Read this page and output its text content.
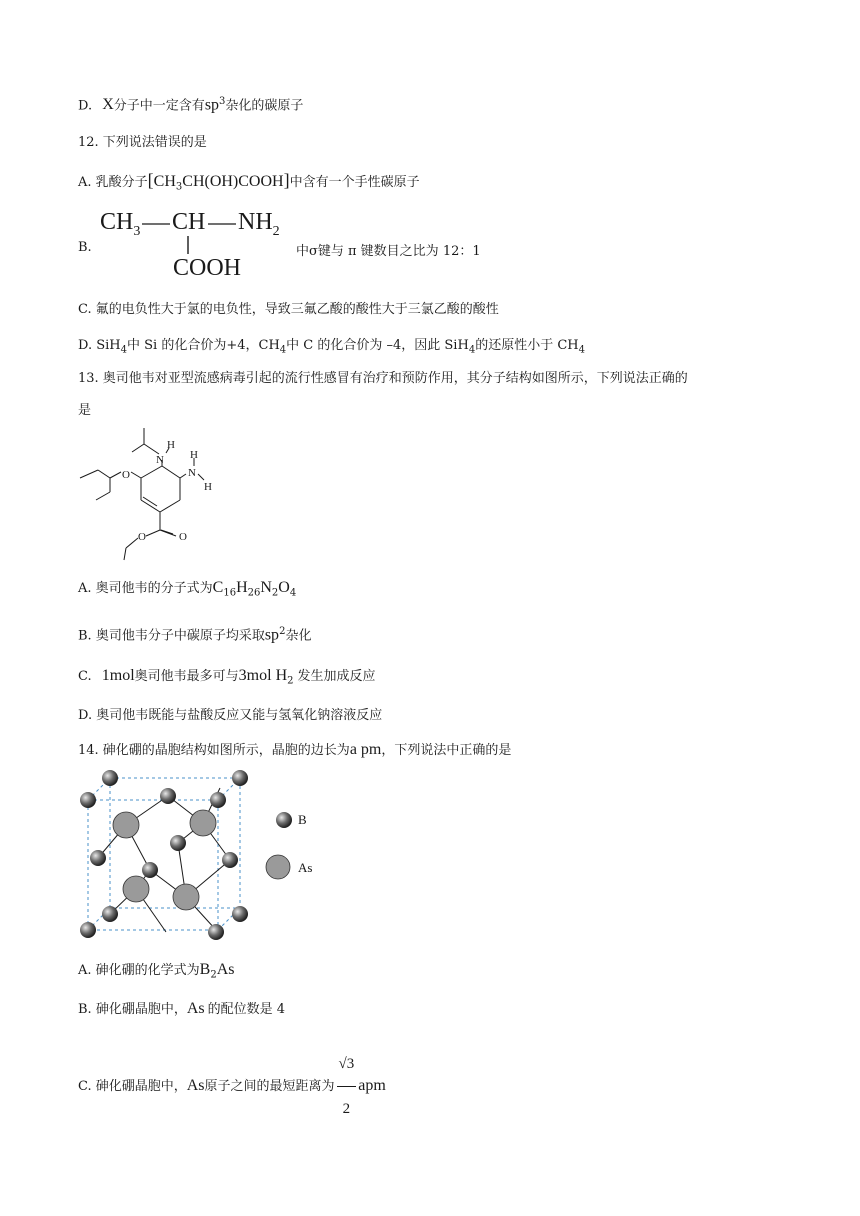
D. X分子中一定含有$sp^3$杂化的碳原子
12. 下列说法错误的是
A. 乳酸分子$[CH_3CH(OH)COOH]$中含有一个手性碳原子
B.
$CH_3$ CH $NH_2$
COOH
中σ键与 π 键数目之比为 12：1
C. 氟的电负性大于氯的电负性，导致三氟乙酸的酸性大于三氯乙酸的酸性
D. SiH$_4$中 Si 的化合价为+4，$CH_4$中 C 的化合价为 –4，因此 SiH$_4$的还原性小于 $CH_4$
13. 奥司他韦对亚型流感病毒引起的流行性感冒有治疗和预防作用，其分子结构如图所示，下列说法正确的
是
N
H
N
H
H
O
O
O
A. 奥司他韦的分子式为$C_{16}H_{26}N_2O_4$
B. 奥司他韦分子中碳原子均采取$sp^2$杂化
C. 1mol奥司他韦最多可与3mol $H_2$ 发生加成反应
D. 奥司他韦既能与盐酸反应又能与氢氧化钠溶液反应
14. 砷化硼的晶胞结构如图所示，晶胞的边长为a pm，下列说法中正确的是
B
As
A. 砷化硼的化学式为$B_2As$
B. 砷化硼晶胞中，As 的配位数是 4
C. 砷化硼晶胞中，As原子之间的最短距离为 $\frac{√3}{2}$ apm
